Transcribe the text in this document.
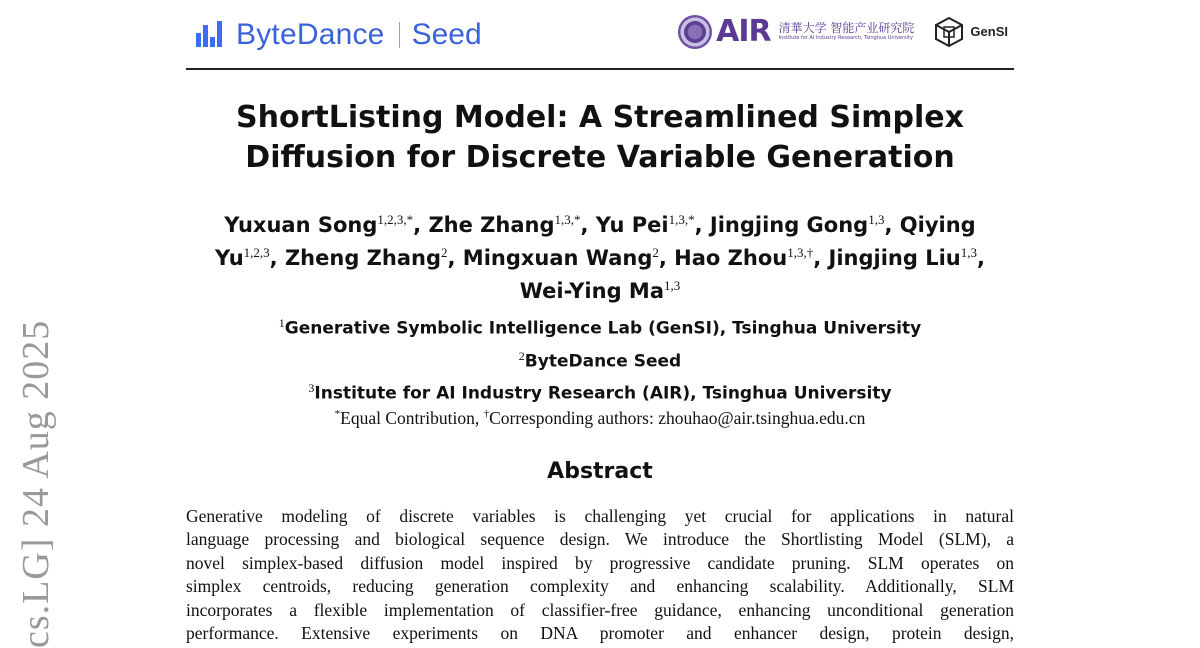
cs.LG] 24 Aug 2025
ByteDance Seed	AIR 清華大学 智能产业研究院
Institute for AI Industry Research, Tsinghua University	GenSI
ShortListing Model: A Streamlined Simplex
Diffusion for Discrete Variable Generation
Yuxuan Song$^{1,2,3,*}$, Zhe Zhang$^{1,3,*}$, Yu Pei$^{1,3,*}$, Jingjing Gong$^{1,3}$, Qiying Yu$^{1,2,3}$, Zheng Zhang$^2$, Mingxuan Wang$^2$, Hao Zhou$^{1,3,\dagger}$, Jingjing Liu$^{1,3}$,
Wei-Ying Ma$^{1,3}$
$^1$Generative Symbolic Intelligence Lab (GenSI), Tsinghua University
$^2$ByteDance Seed
$^3$Institute for AI Industry Research (AIR), Tsinghua University
*Equal Contribution, †Corresponding authors: zhouhao@air.tsinghua.edu.cn
Abstract
Generative modeling of discrete variables is challenging yet crucial for applications in natural
language processing and biological sequence design. We introduce the Shortlisting Model (SLM), a
novel simplex-based diffusion model inspired by progressive candidate pruning. SLM operates on
simplex centroids, reducing generation complexity and enhancing scalability. Additionally, SLM
incorporates a flexible implementation of classifier-free guidance, enhancing unconditional generation
performance. Extensive experiments on DNA promoter and enhancer design, protein design,
